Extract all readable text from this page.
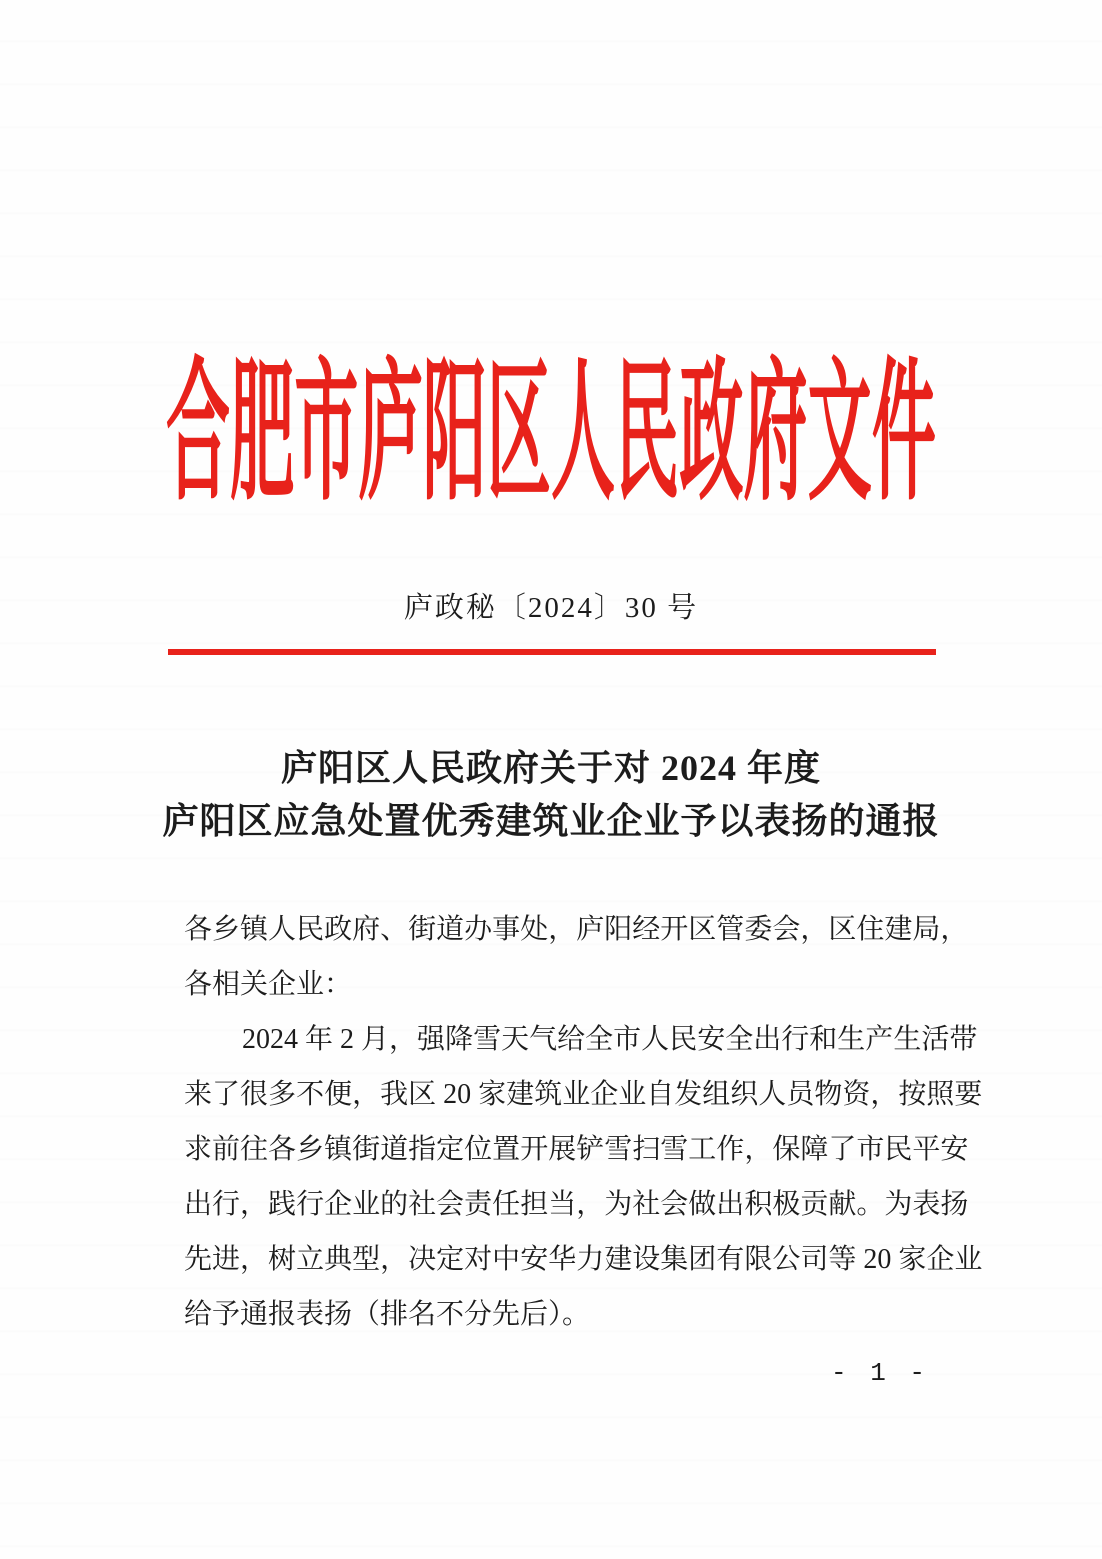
合 肥 市 庐 阳 区 人 民 政 府 文 件
庐政秘〔2024〕30 号
庐阳区人民政府关于对 2024 年度
庐阳区应急处置优秀建筑业企业予以表扬的通报
各 乡 镇 人 民 政 府 、 街 道 办 事 处 ， 庐 阳 经 开 区 管 委 会 ， 区 住 建 局 ，
各相关企业：
2024 年 2 月 ， 强 降 雪 天 气 给 全 市 人 民 安 全 出 行 和 生 产 生 活 带
来 了 很 多 不 便 ， 我 区 20 家 建 筑 业 企 业 自 发 组 织 人 员 物 资 ， 按 照 要
求 前 往 各 乡 镇 街 道 指 定 位 置 开 展 铲 雪 扫 雪 工 作 ， 保 障 了 市 民 平 安
出 行 ， 践 行 企 业 的 社 会 责 任 担 当 ， 为 社 会 做 出 积 极 贡 献 。 为 表 扬
先 进 ， 树 立 典 型 ， 决 定 对 中 安 华 力 建 设 集 团 有 限 公 司 等 20 家 企 业
给予通报表扬（排名不分先后）。
- 1 -
